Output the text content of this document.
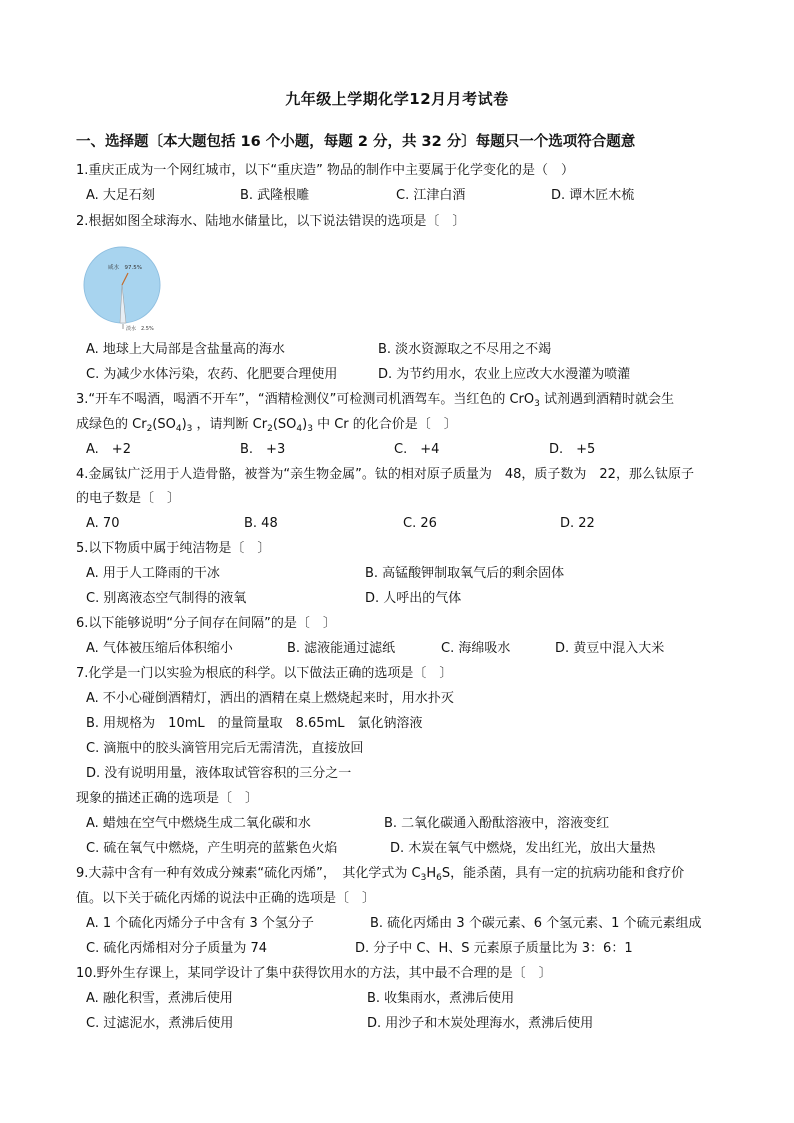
九年级上学期化学12月月考试卷
一、选择题〔本大题包括 16 个小题，每题 2 分，共 32 分〕每题只一个选项符合题意
1.重庆正成为一个网红城市，以下“重庆造” 物品的制作中主要属于化学变化的是（　）
A. 大足石刻	B. 武隆根雕	C. 江津白酒	D. 谭木匠木梳
2.根据如图全球海水、陆地水储量比，以下说法错误的选项是〔　〕
咸水　97.5%
淡水　2.5%
A. 地球上大局部是含盐量高的海水	B. 淡水资源取之不尽用之不竭
C. 为减少水体污染，农药、化肥要合理使用	D. 为节约用水，农业上应改大水漫灌为喷灌
3.“开车不喝酒，喝酒不开车”，“酒精检测仪”可检测司机酒驾车。当红色的 CrO$_3$ 试剂遇到酒精时就会生
成绿色的 $Cr_2(SO_4)_3$ ，请判断 $Cr_2(SO_4)_3$ 中 Cr 的化合价是〔　〕
A.　+2	B.　+3	C.　+4	D.　+5
4.金属钛广泛用于人造骨骼，被誉为“亲生物金属”。钛的相对原子质量为　48，质子数为　22，那么钛原子
的电子数是〔　〕
A. 70	B. 48	C. 26	D. 22
5.以下物质中属于纯洁物是〔　〕
A. 用于人工降雨的干冰	B. 高锰酸钾制取氧气后的剩余固体
C. 别离液态空气制得的液氧	D. 人呼出的气体
6.以下能够说明“分子间存在间隔”的是〔　〕
A. 气体被压缩后体积缩小	B. 滤液能通过滤纸	C. 海绵吸水	D. 黄豆中混入大米
7.化学是一门以实验为根底的科学。以下做法正确的选项是〔　〕
A. 不小心碰倒酒精灯，洒出的酒精在桌上燃烧起来时，用水扑灭
B. 用规格为　10mL　的量筒量取　8.65mL　氯化钠溶液
C. 滴瓶中的胶头滴管用完后无需清洗，直接放回
D. 没有说明用量，液体取试管容积的三分之一
现象的描述正确的选项是〔　〕
A. 蜡烛在空气中燃烧生成二氧化碳和水	B. 二氧化碳通入酚酞溶液中，溶液变红
C. 硫在氧气中燃烧，产生明亮的蓝紫色火焰	D. 木炭在氧气中燃烧，发出红光，放出大量热
9.大蒜中含有一种有效成分辣素“硫化丙烯”，　其化学式为 $C_3H_6S$，能杀菌，具有一定的抗病功能和食疗价
值。以下关于硫化丙烯的说法中正确的选项是〔　〕
A. 1 个硫化丙烯分子中含有 3 个氢分子	B. 硫化丙烯由 3 个碳元素、6 个氢元素、1 个硫元素组成
C. 硫化丙烯相对分子质量为 74	D. 分子中 C、H、S 元素原子质量比为 3：6：1
10.野外生存课上，某同学设计了集中获得饮用水的方法，其中最不合理的是〔　〕
A. 融化积雪，煮沸后使用	B. 收集雨水，煮沸后使用
C. 过滤泥水，煮沸后使用	D. 用沙子和木炭处理海水，煮沸后使用
